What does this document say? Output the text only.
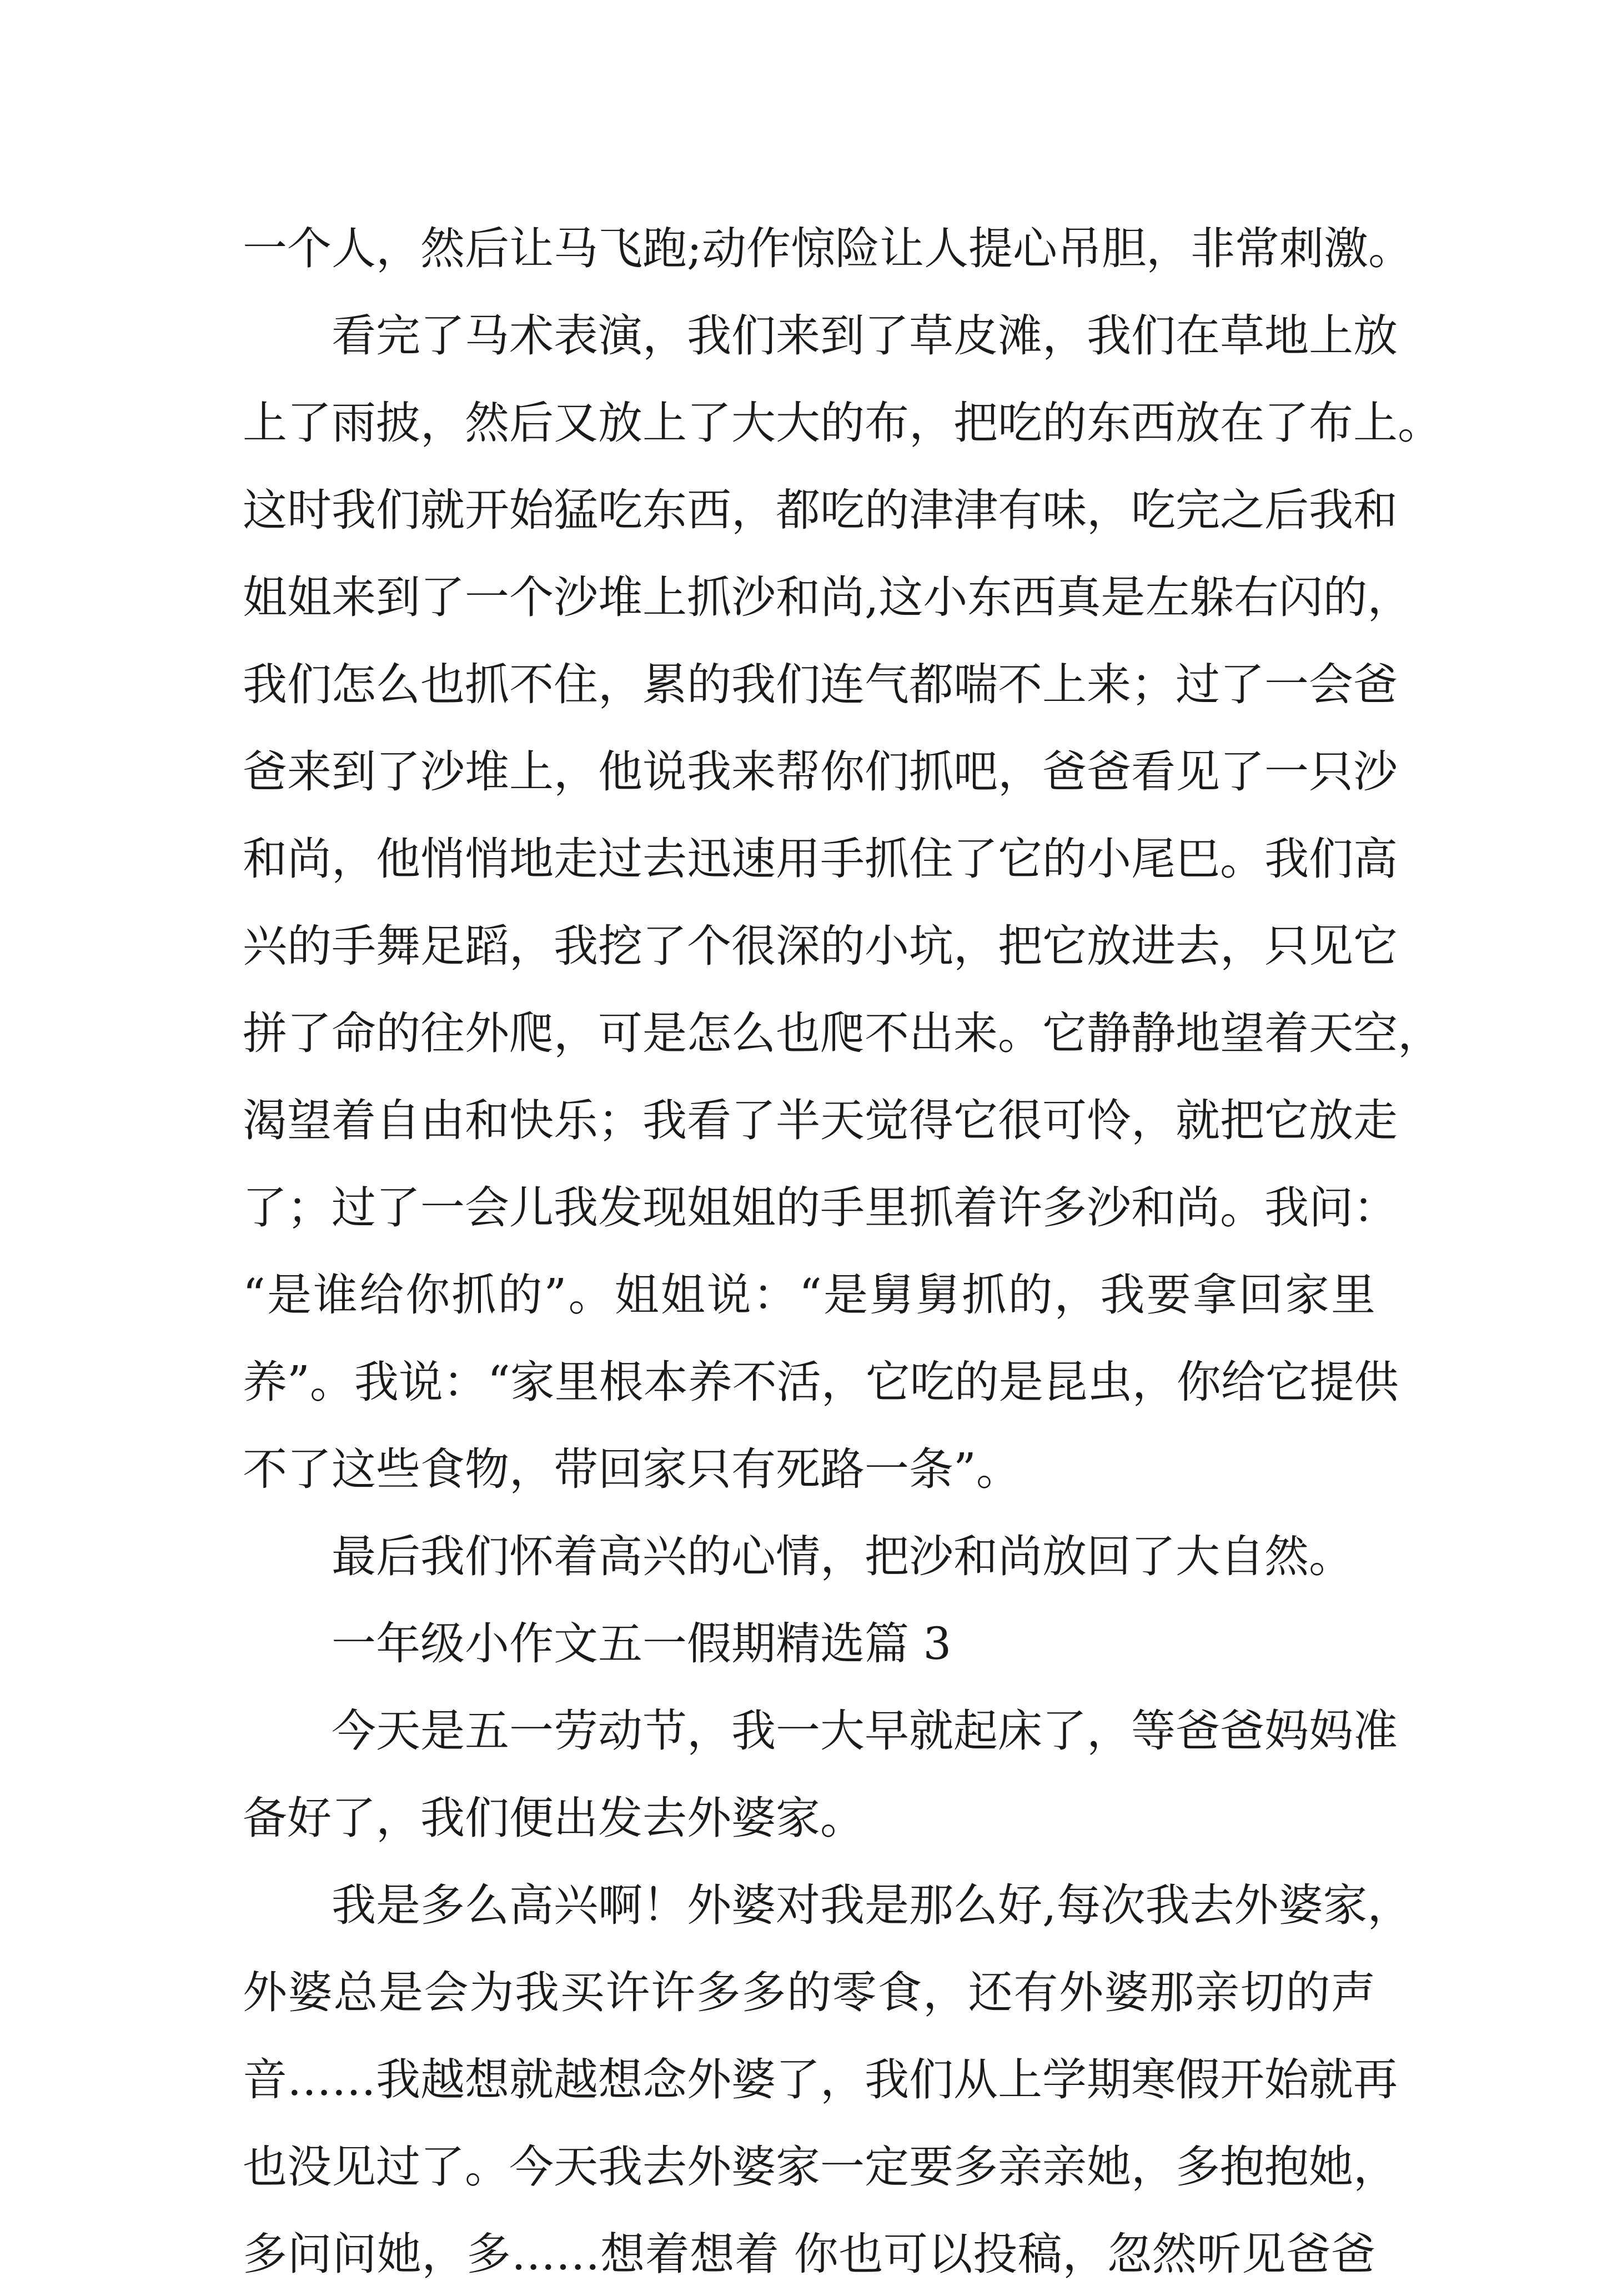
一个人，然后让马飞跑;动作惊险让人提心吊胆，非常刺激。
看完了马术表演，我们来到了草皮滩，我们在草地上放
上了雨披，然后又放上了大大的布，把吃的东西放在了布上。
这时我们就开始猛吃东西，都吃的津津有味，吃完之后我和
姐姐来到了一个沙堆上抓沙和尚,这小东西真是左躲右闪的，
我们怎么也抓不住，累的我们连气都喘不上来；过了一会爸
爸来到了沙堆上，他说我来帮你们抓吧，爸爸看见了一只沙
和尚，他悄悄地走过去迅速用手抓住了它的小尾巴。我们高
兴的手舞足蹈，我挖了个很深的小坑，把它放进去，只见它
拼了命的往外爬，可是怎么也爬不出来。它静静地望着天空，
渴望着自由和快乐；我看了半天觉得它很可怜，就把它放走
了；过了一会儿我发现姐姐的手里抓着许多沙和尚。我问：
“是谁给你抓的”。姐姐说：“是舅舅抓的，我要拿回家里
养”。我说：“家里根本养不活，它吃的是昆虫，你给它提供
不了这些食物，带回家只有死路一条”。
最后我们怀着高兴的心情，把沙和尚放回了大自然。
一年级小作文五一假期精选篇 3
今天是五一劳动节，我一大早就起床了，等爸爸妈妈准
备好了，我们便出发去外婆家。
我是多么高兴啊！外婆对我是那么好,每次我去外婆家，
外婆总是会为我买许许多多的零食，还有外婆那亲切的声
音……我越想就越想念外婆了，我们从上学期寒假开始就再
也没见过了。今天我去外婆家一定要多亲亲她，多抱抱她，
多问问她，多……想着想着 你也可以投稿，忽然听见爸爸
